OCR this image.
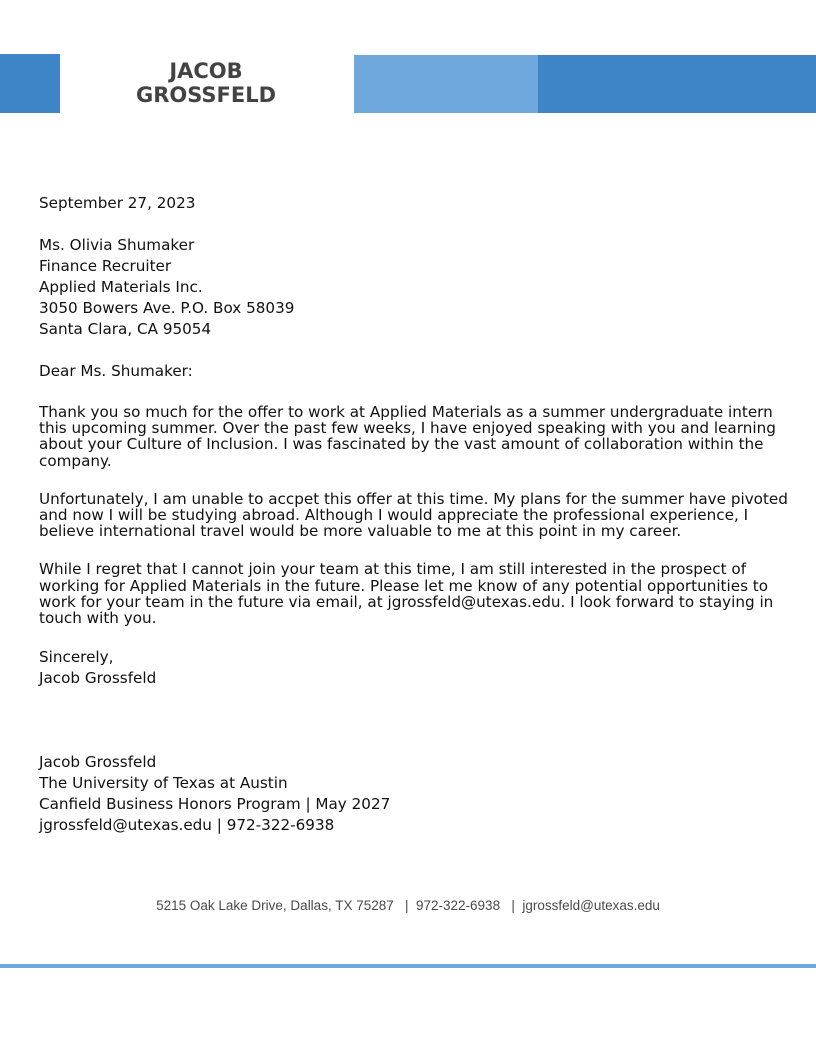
JACOB
GROSSFELD
September 27, 2023
Ms. Olivia Shumaker
Finance Recruiter
Applied Materials Inc.
3050 Bowers Ave. P.O. Box 58039
Santa Clara, CA 95054
Dear Ms. Shumaker:
Thank you so much for the offer to work at Applied Materials as a summer undergraduate intern
this upcoming summer. Over the past few weeks, I have enjoyed speaking with you and learning
about your Culture of Inclusion. I was fascinated by the vast amount of collaboration within the
company.
Unfortunately, I am unable to accpet this offer at this time. My plans for the summer have pivoted
and now I will be studying abroad. Although I would appreciate the professional experience, I
believe international travel would be more valuable to me at this point in my career.
While I regret that I cannot join your team at this time, I am still interested in the prospect of
working for Applied Materials in the future. Please let me know of any potential opportunities to
work for your team in the future via email, at jgrossfeld@utexas.edu. I look forward to staying in
touch with you.
Sincerely,
Jacob Grossfeld
Jacob Grossfeld
The University of Texas at Austin
Canfield Business Honors Program | May 2027
jgrossfeld@utexas.edu | 972-322-6938
5215 Oak Lake Drive, Dallas, TX 75287   |  972-322-6938   |  jgrossfeld@utexas.edu
